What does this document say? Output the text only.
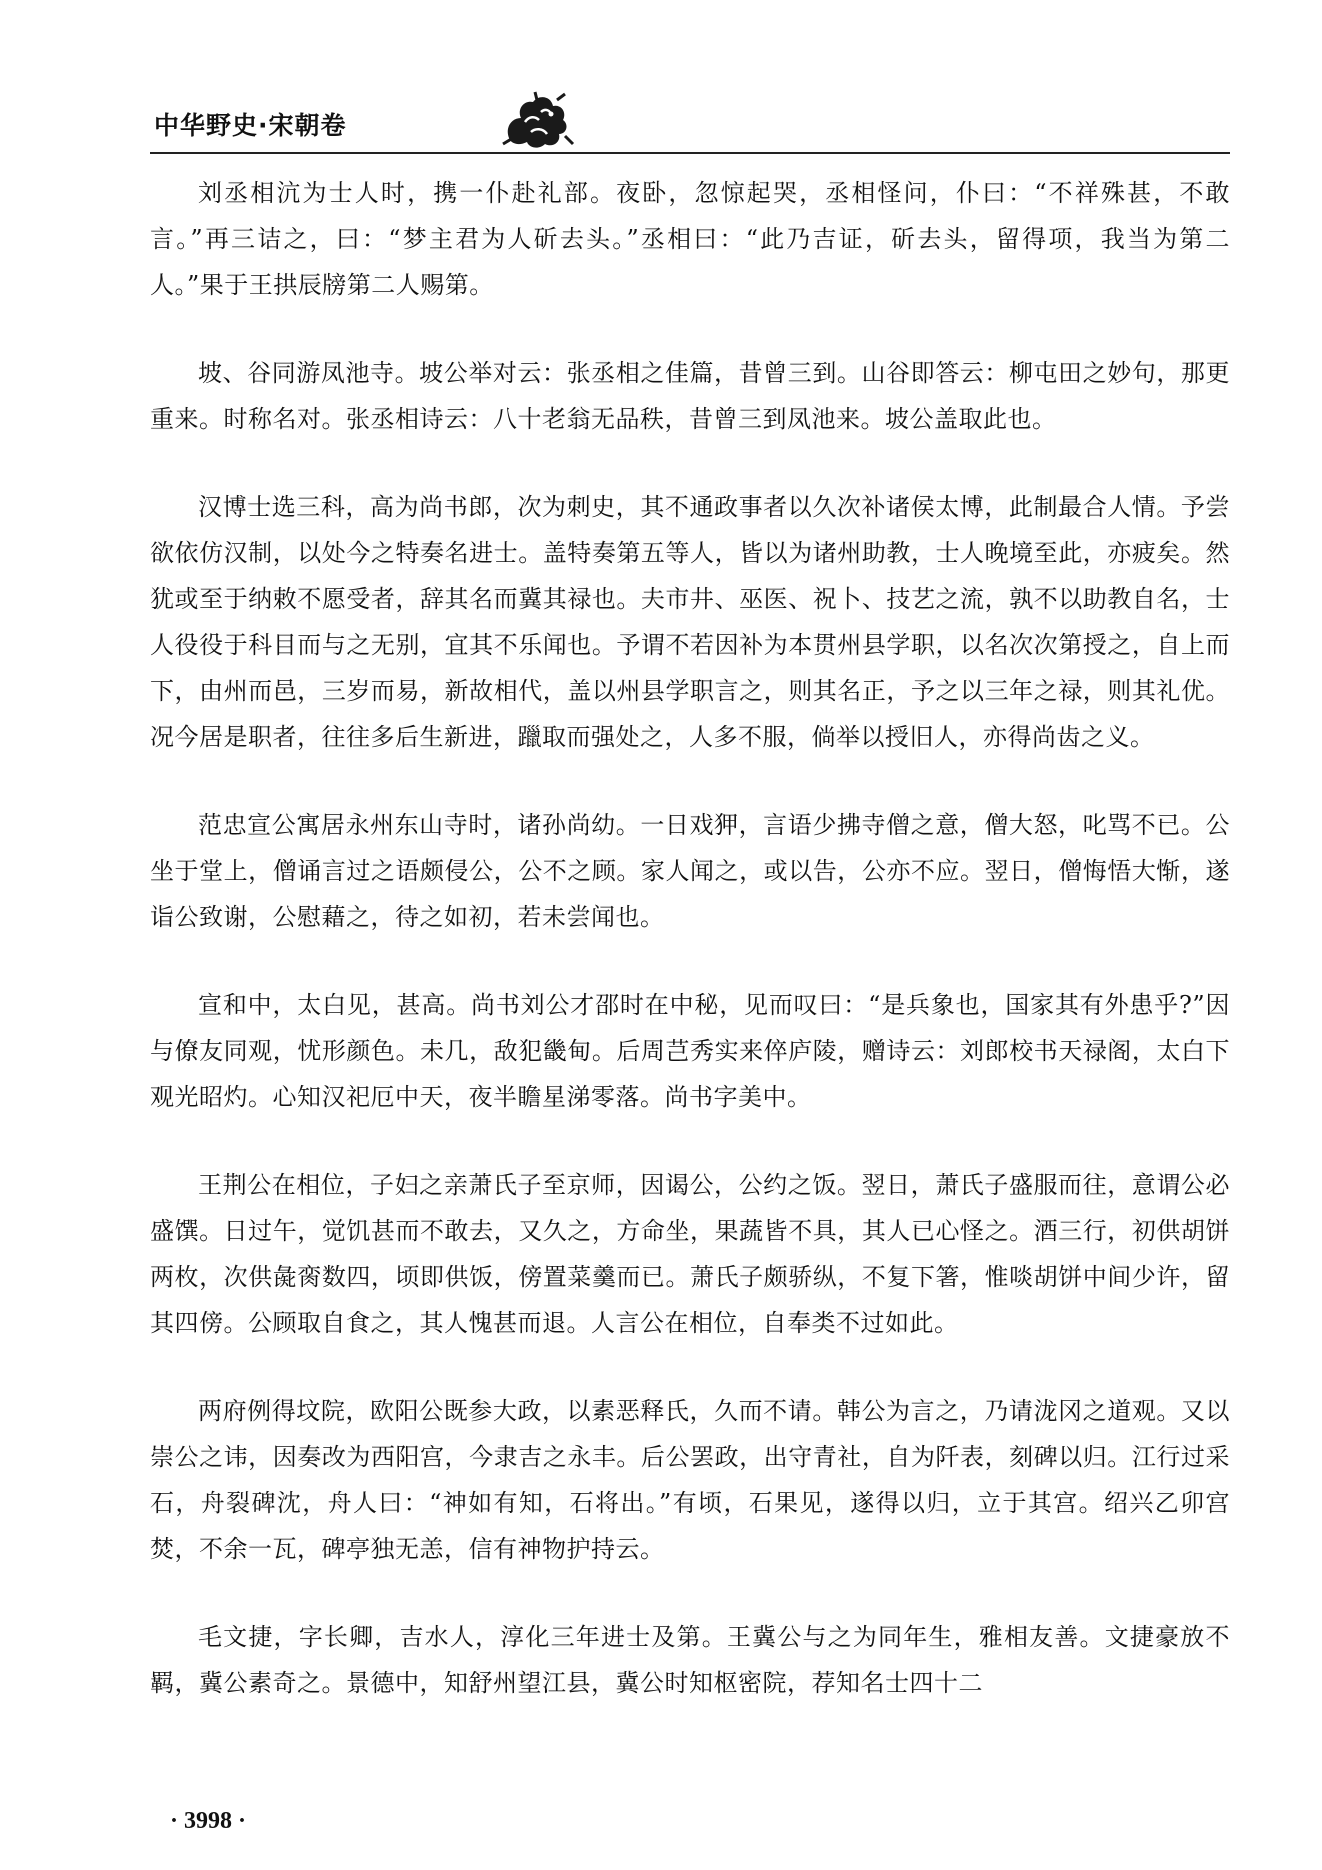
中华野史·宋朝卷

刘丞相沆为士人时，携一仆赴礼部。夜卧，忽惊起哭，丞相怪问，仆曰：“不祥殊甚，不敢言。”再三诘之，曰：“梦主君为人斫去头。”丞相曰：“此乃吉证，斫去头，留得项，我当为第二人。”果于王拱辰牓第二人赐第。

坡、谷同游凤池寺。坡公举对云：张丞相之佳篇，昔曾三到。山谷即答云：柳屯田之妙句，那更重来。时称名对。张丞相诗云：八十老翁无品秩，昔曾三到凤池来。坡公盖取此也。

汉博士选三科，高为尚书郎，次为刺史，其不通政事者以久次补诸侯太博，此制最合人情。予尝欲依仿汉制，以处今之特奏名进士。盖特奏第五等人，皆以为诸州助教，士人晚境至此，亦疲矣。然犹或至于纳敕不愿受者，辞其名而冀其禄也。夫市井、巫医、祝卜、技艺之流，孰不以助教自名，士人役役于科目而与之无别，宜其不乐闻也。予谓不若因补为本贯州县学职，以名次次第授之，自上而下，由州而邑，三岁而易，新故相代，盖以州县学职言之，则其名正，予之以三年之禄，则其礼优。况今居是职者，往往多后生新进，躐取而强处之，人多不服，倘举以授旧人，亦得尚齿之义。

范忠宣公寓居永州东山寺时，诸孙尚幼。一日戏狎，言语少拂寺僧之意，僧大怒，叱骂不已。公坐于堂上，僧诵言过之语颇侵公，公不之顾。家人闻之，或以告，公亦不应。翌日，僧悔悟大惭，遂诣公致谢，公慰藉之，待之如初，若未尝闻也。

宣和中，太白见，甚高。尚书刘公才邵时在中秘，见而叹曰：“是兵象也，国家其有外患乎?”因与僚友同观，忧形颜色。未几，敌犯畿甸。后周芑秀实来倅庐陵，赠诗云：刘郎校书天禄阁，太白下观光昭灼。心知汉祀厄中天，夜半瞻星涕零落。尚书字美中。

王荆公在相位，子妇之亲萧氏子至京师，因谒公，公约之饭。翌日，萧氏子盛服而往，意谓公必盛馔。日过午，觉饥甚而不敢去，又久之，方命坐，果蔬皆不具，其人已心怪之。酒三行，初供胡饼两枚，次供彘脔数四，顷即供饭，傍置菜羹而已。萧氏子颇骄纵，不复下箸，惟啖胡饼中间少许，留其四傍。公顾取自食之，其人愧甚而退。人言公在相位，自奉类不过如此。

两府例得坟院，欧阳公既参大政，以素恶释氏，久而不请。韩公为言之，乃请泷冈之道观。又以崇公之讳，因奏改为西阳宫，今隶吉之永丰。后公罢政，出守青社，自为阡表，刻碑以归。江行过采石，舟裂碑沈，舟人曰：“神如有知，石将出。”有顷，石果见，遂得以归，立于其宫。绍兴乙卯宫焚，不余一瓦，碑亭独无恙，信有神物护持云。

毛文捷，字长卿，吉水人，淳化三年进士及第。王冀公与之为同年生，雅相友善。文捷豪放不羁，冀公素奇之。景德中，知舒州望江县，冀公时知枢密院，荐知名士四十二

· 3998 ·
